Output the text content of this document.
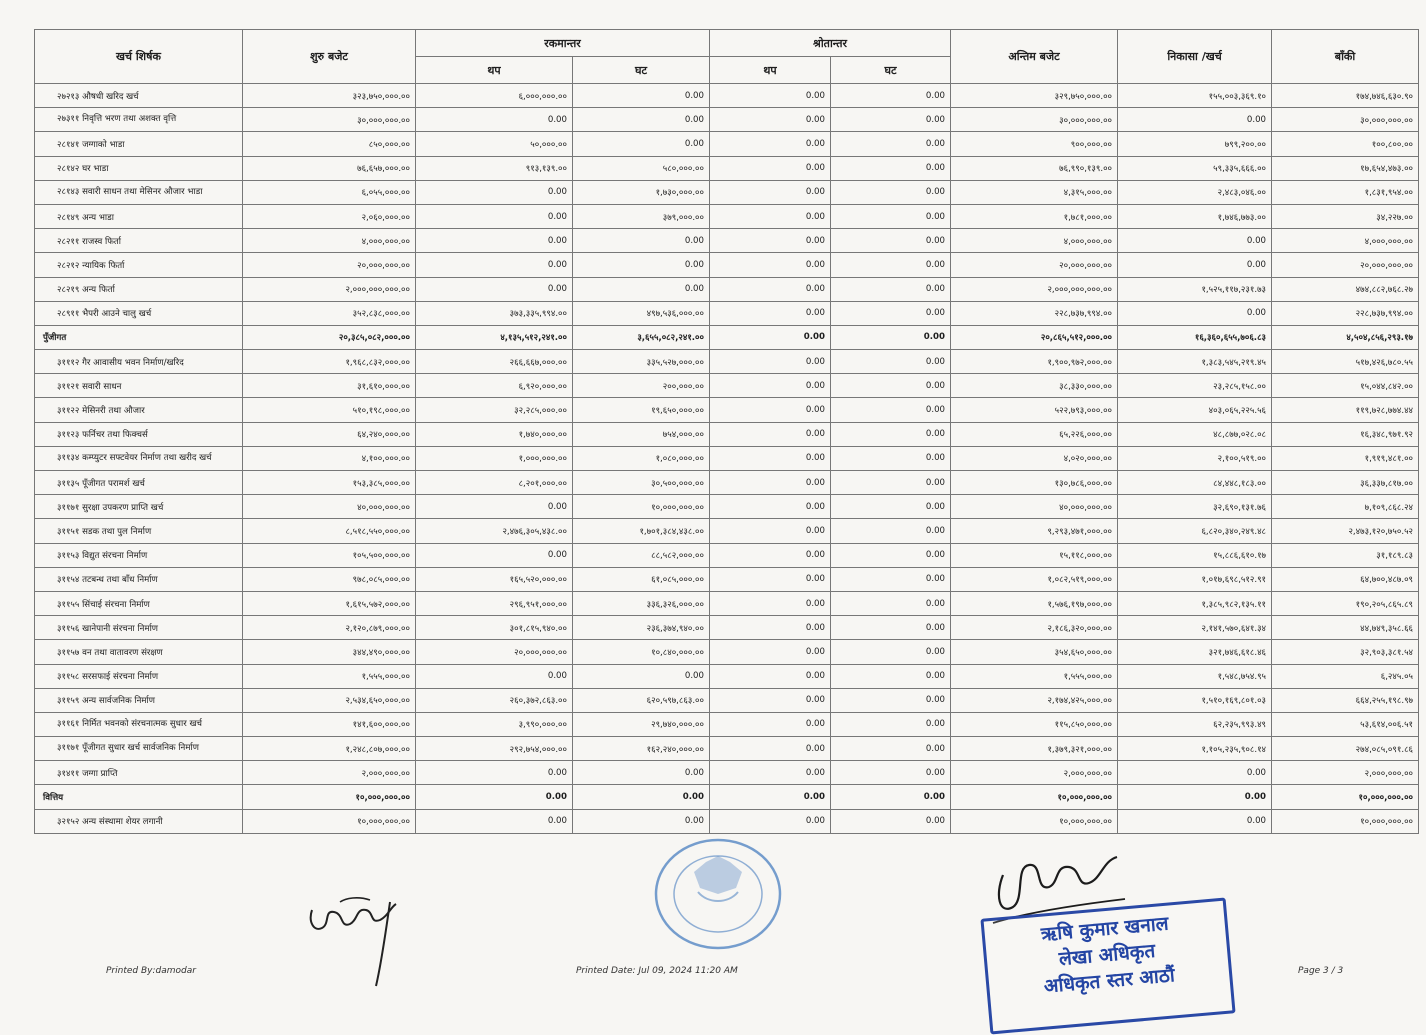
खर्च शिर्षक	शुरु बजेट	रकमान्तर		श्रोतान्तर		अन्तिम बजेट	निकासा /खर्च	बाँकी
		थप	घट	थप	घट			
२७२१३ औषधी खरिद खर्च	३२३,७५०,०००.००	६,०००,०००.००	0.00	0.00	0.00	३२९,७५०,०००.००	१५५,००३,३६९.१०	१७४,७४६,६३०.९०
२७३११ निवृत्ति भरण तथा अशक्त वृत्ति	३०,०००,०००.००	0.00	0.00	0.00	0.00	३०,०००,०००.००	0.00	३०,०००,०००.००
२८१४१ जग्गाको भाडा	८५०,०००.००	५०,०००.००	0.00	0.00	0.00	९००,०००.००	७९९,२००.००	१००,८००.००
२८१४२ घर भाडा	७६,६५७,०००.००	९१३,१३९.००	५८०,०००.००	0.00	0.00	७६,९९०,१३९.००	५९,३३५,६६६.००	१७,६५४,४७३.००
२८१४३ सवारी साधन तथा मेसिनर औजार भाडा	६,०५५,०००.००	0.00	१,७३०,०००.००	0.00	0.00	४,३१५,०००.००	२,४८३,०४६.००	१,८३१,९५४.००
२८१४९ अन्य भाडा	२,०६०,०००.००	0.00	३७९,०००.००	0.00	0.00	१,७८१,०००.००	१,७४६,७७३.००	३४,२२७.००
२८२११ राजस्व फिर्ता	४,०००,०००.००	0.00	0.00	0.00	0.00	४,०००,०००.००	0.00	४,०००,०००.००
२८२१२ न्यायिक फिर्ता	२०,०००,०००.००	0.00	0.00	0.00	0.00	२०,०००,०००.००	0.00	२०,०००,०००.००
२८२१९ अन्य फिर्ता	२,०००,०००,०००.००	0.00	0.00	0.00	0.00	२,०००,०००,०००.००	१,५२५,११७,२३१.७३	४७४,८८२,७६८.२७
२८९११ भैपरी आउने चालु खर्च	३५२,८३८,०००.००	३७३,३३५,९९४.००	४९७,५३६,०००.००	0.00	0.00	२२८,७३७,९९४.००	0.00	२२८,७३७,९९४.००
पुँजीगत	२०,३८५,०८२,०००.००	४,१३५,५१२,२४१.००	३,६५५,०८२,२४१.००	0.00	0.00	२०,८६५,५१२,०००.००	१६,३६०,६५५,७०६.८३	४,५०४,८५६,२९३.१७
३१११२ गैर आवासीय भवन निर्माण/खरिद	१,९६८,८३२,०००.००	२६६,६६७,०००.००	३३५,५२७,०००.००	0.00	0.00	१,९००,९७२,०००.००	१,३८३,५४५,२१९.४५	५१७,४२६,७८०.५५
३११२१ सवारी साधन	३१,६१०,०००.००	६,९२०,०००.००	२००,०००.००	0.00	0.00	३८,३३०,०००.००	२३,२८५,१५८.००	१५,०४४,८४२.००
३११२२ मेसिनरी तथा औजार	५१०,१९८,०००.००	३२,२८५,०००.००	१९,६५०,०००.००	0.00	0.00	५२२,७९३,०००.००	४०३,०६५,२२५.५६	११९,७२८,७७४.४४
३११२३ फर्निचर तथा फिक्चर्स	६४,२४०,०००.००	१,७४०,०००.००	७५४,०००.००	0.00	0.00	६५,२२६,०००.००	४८,८७७,०२८.०८	१६,३४८,९७१.९२
३११३४ कम्प्युटर सफ्टवेयर निर्माण तथा खरीद खर्च	४,१००,०००.००	१,०००,०००.००	१,०८०,०००.००	0.00	0.00	४,०२०,०००.००	२,१००,५१९.००	१,९१९,४८१.००
३११३५ पूँजीगत परामर्श खर्च	१५३,३८५,०००.००	८,२०१,०००.००	३०,५००,०००.००	0.00	0.00	१३०,७८६,०००.००	८४,४४८,१८३.००	३६,३३७,८१७.००
३११७१ सुरक्षा उपकरण प्राप्ति खर्च	४०,०००,०००.००	0.00	१०,०००,०००.००	0.00	0.00	४०,०००,०००.००	३२,६९०,१३१.७६	७,१०९,८६८.२४
३११५१ सडक तथा पुल निर्माण	८,५१८,५५०,०००.००	२,४७६,३०५,४३८.००	१,७०१,३८४,४३८.००	0.00	0.00	९,२९३,४७१,०००.००	६,८२०,३४०,२४९.४८	२,४७३,१२०,७५०.५२
३११५३ विद्युत संरचना निर्माण	१०५,५००,०००.००	0.00	८८,५८२,०००.००	0.00	0.00	१५,११८,०००.००	१५,८८६,६१०.१७	३१,१८९.८३
३११५४ तटबन्ध तथा बाँध निर्माण	९७८,०८५,०००.००	१६५,५२०,०००.००	६१,०८५,०००.००	0.00	0.00	१,०८२,५१९,०००.००	१,०१७,६९८,५१२.९१	६४,७००,४८७.०९
३११५५ सिंचाई संरचना निर्माण	१,६१५,५७२,०००.००	२९६,९५१,०००.००	३३६,३२६,०००.००	0.00	0.00	१,५७६,१९७,०००.००	१,३८५,९८२,१३५.११	१९०,२०५,८६५.८९
३११५६ खानेपानी संरचना निर्माण	२,१२०,८७९,०००.००	३०१,८१५,९४०.००	२३६,३७४,९४०.००	0.00	0.00	२,१८६,३२०,०००.००	२,१४१,५७०,६४१.३४	४४,७४९,३५८.६६
३११५७ वन तथा वातावरण संरक्षण	३४४,४९०,०००.००	२०,०००,०००.००	१०,८४०,०००.००	0.00	0.00	३५४,६५०,०००.००	३२१,७४६,६१८.४६	३२,९०३,३८१.५४
३११५८ सरसफाई संरचना निर्माण	१,५५५,०००.००	0.00	0.00	0.00	0.00	१,५५५,०००.००	१,५४८,७५४.९५	६,२४५.०५
३११५९ अन्य सार्वजनिक निर्माण	२,५३४,६५०,०००.००	२६०,३७२,८६३.००	६२०,५९७,८६३.००	0.00	0.00	२,१७४,४२५,०००.००	१,५१०,१६९,८०१.०३	६६४,२५५,१९८.९७
३११६१ निर्मित भवनको संरचनात्मक सुधार खर्च	१४१,६००,०००.००	३,९९०,०००.००	२९,७४०,०००.००	0.00	0.00	११५,८५०,०००.००	६२,२३५,९९३.४९	५३,६१४,००६.५१
३११७१ पूँजीगत सुधार खर्च सार्वजनिक निर्माण	१,२४८,८०७,०००.००	२९२,७५४,०००.००	१६२,२४०,०००.००	0.00	0.00	१,३७९,३२१,०००.००	१,१०५,२३५,९०८.१४	२७४,०८५,०९१.८६
३१४११ जग्गा प्राप्ति	२,०००,०००.००	0.00	0.00	0.00	0.00	२,०००,०००.००	0.00	२,०००,०००.००
वित्तिय	१०,०००,०००.००	0.00	0.00	0.00	0.00	१०,०००,०००.००	0.00	१०,०००,०००.००
३२१५२ अन्य संस्थामा शेयर लगानी	१०,०००,०००.००	0.00	0.00	0.00	0.00	१०,०००,०००.००	0.00	१०,०००,०००.००
ऋषि कुमार खनाल
लेखा अधिकृत
अधिकृत स्तर आठौं
Printed By:damodar	Printed Date: Jul 09, 2024 11:20 AM	Page 3 / 3
